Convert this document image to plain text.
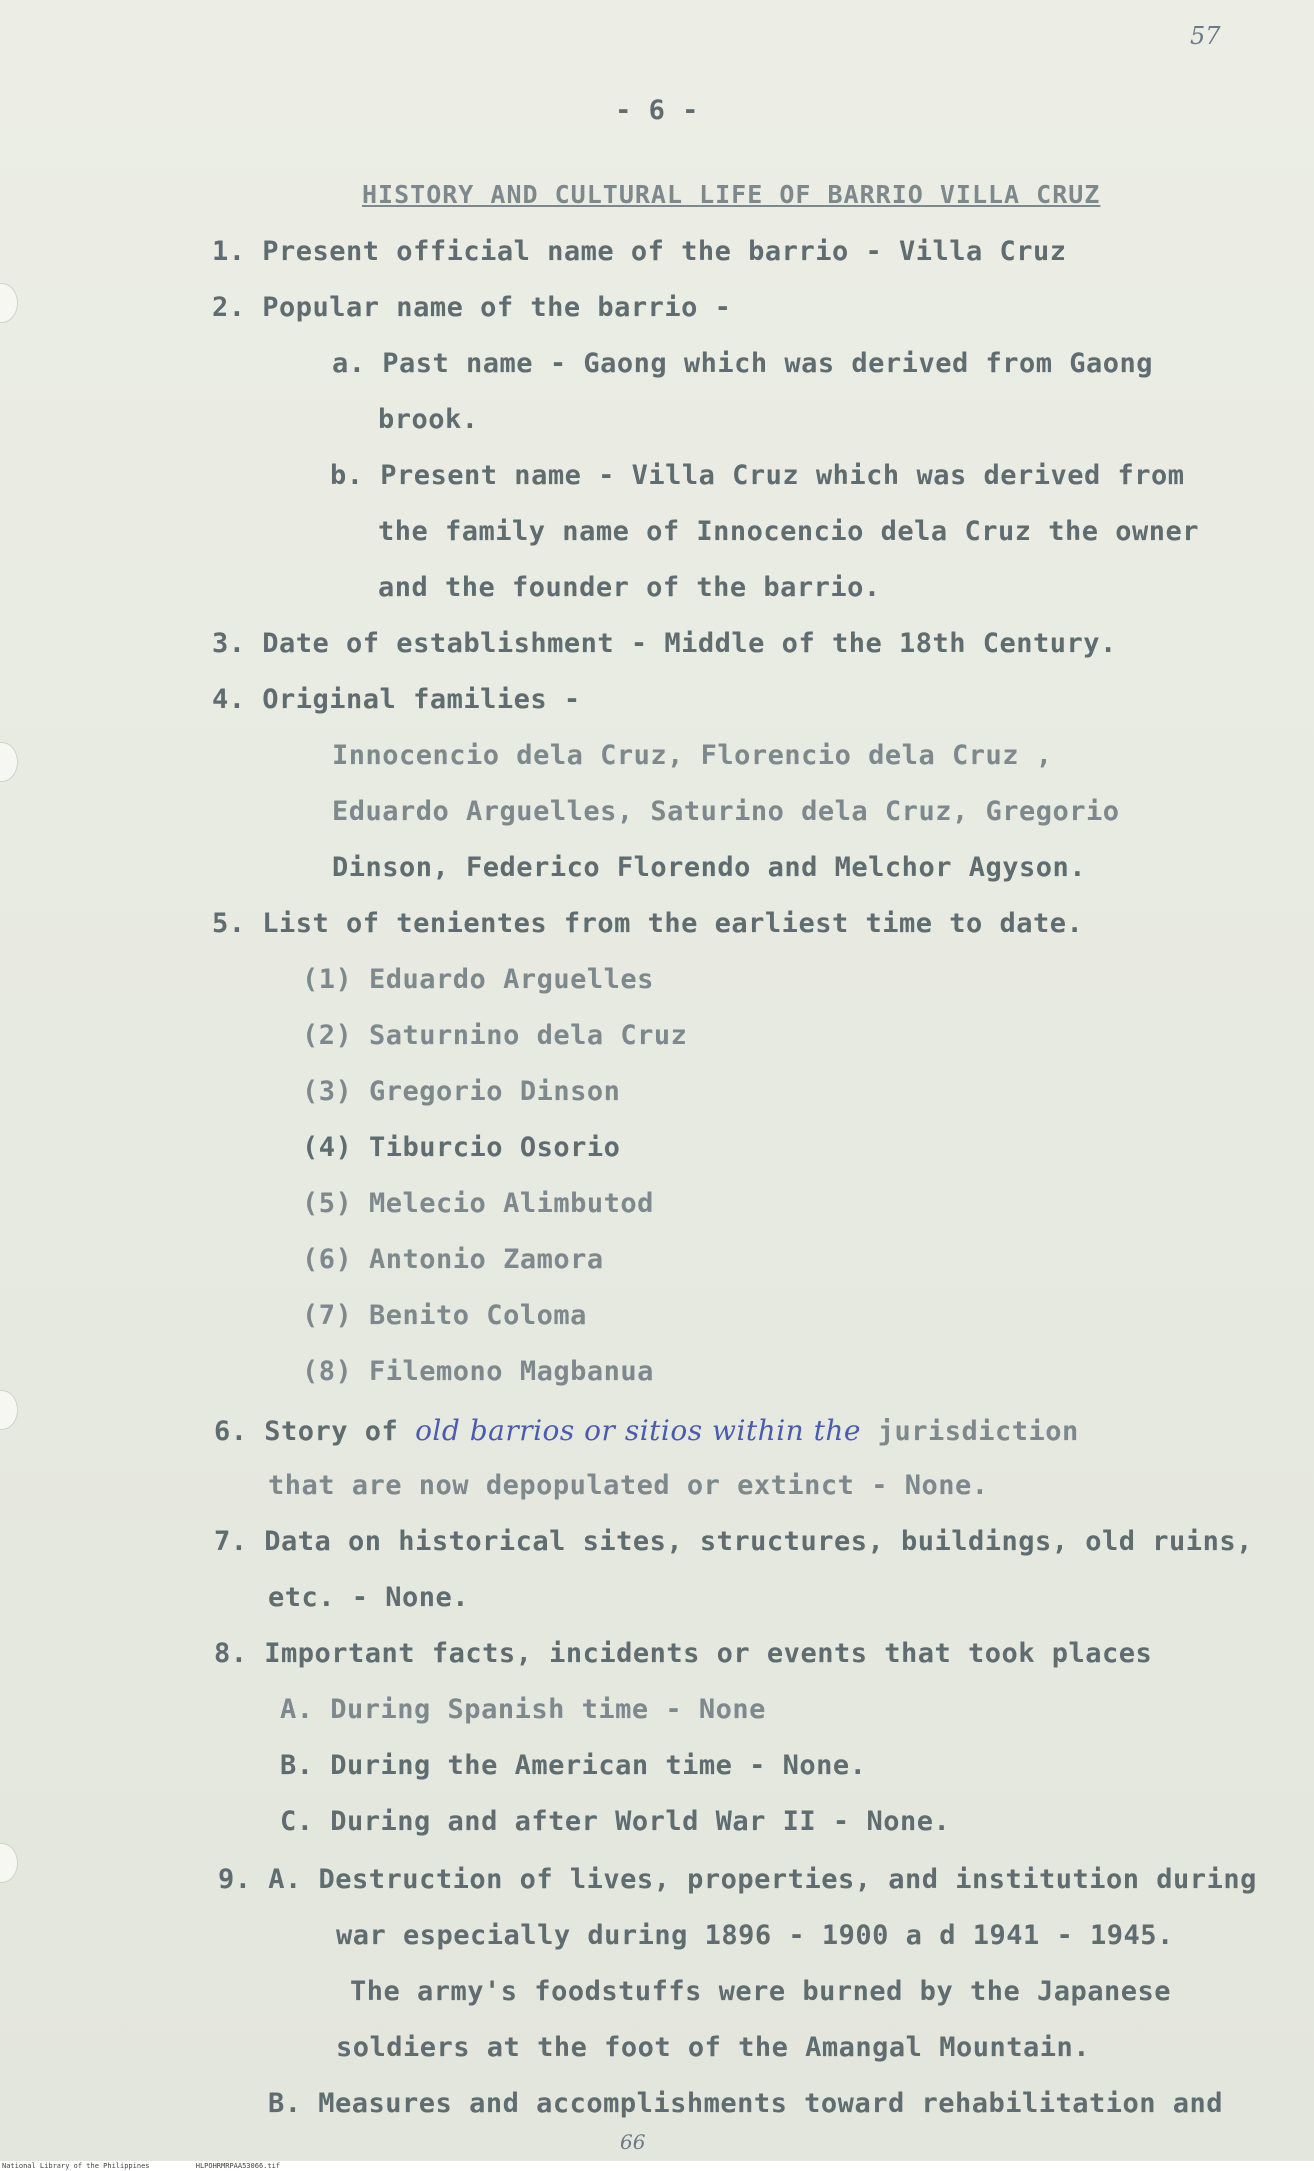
57
- 6 -
HISTORY AND CULTURAL LIFE OF BARRIO VILLA CRUZ
1. Present official name of the barrio - Villa Cruz
2. Popular name of the barrio -
a. Past name - Gaong which was derived from Gaong
brook.
b. Present name - Villa Cruz which was derived from
the family name of Innocencio dela Cruz the owner
and the founder of the barrio.
3. Date of establishment - Middle of the 18th Century.
4. Original families -
Innocencio dela Cruz, Florencio dela Cruz ,
Eduardo Arguelles, Saturino dela Cruz, Gregorio
Dinson, Federico Florendo and Melchor Agyson.
5. List of tenientes from the earliest time to date.
(1) Eduardo Arguelles
(2) Saturnino dela Cruz
(3) Gregorio Dinson
(4) Tiburcio Osorio
(5) Melecio Alimbutod
(6) Antonio Zamora
(7) Benito Coloma
(8) Filemono Magbanua
6. Story of old barrios or sitios within the jurisdiction
that are now depopulated or extinct - None.
7. Data on historical sites, structures, buildings, old ruins,
etc. - None.
8. Important facts, incidents or events that took places
A. During Spanish time - None
B. During the American time - None.
C. During and after World War II - None.
9. A. Destruction of lives, properties, and institution during
war especially during 1896 - 1900 a d 1941 - 1945.
The army's foodstuffs were burned by the Japanese
soldiers at the foot of the Amangal Mountain.
B. Measures and accomplishments toward rehabilitation and
66
National Library of the Philippines	HLPOHRMRPAA53066.tif
